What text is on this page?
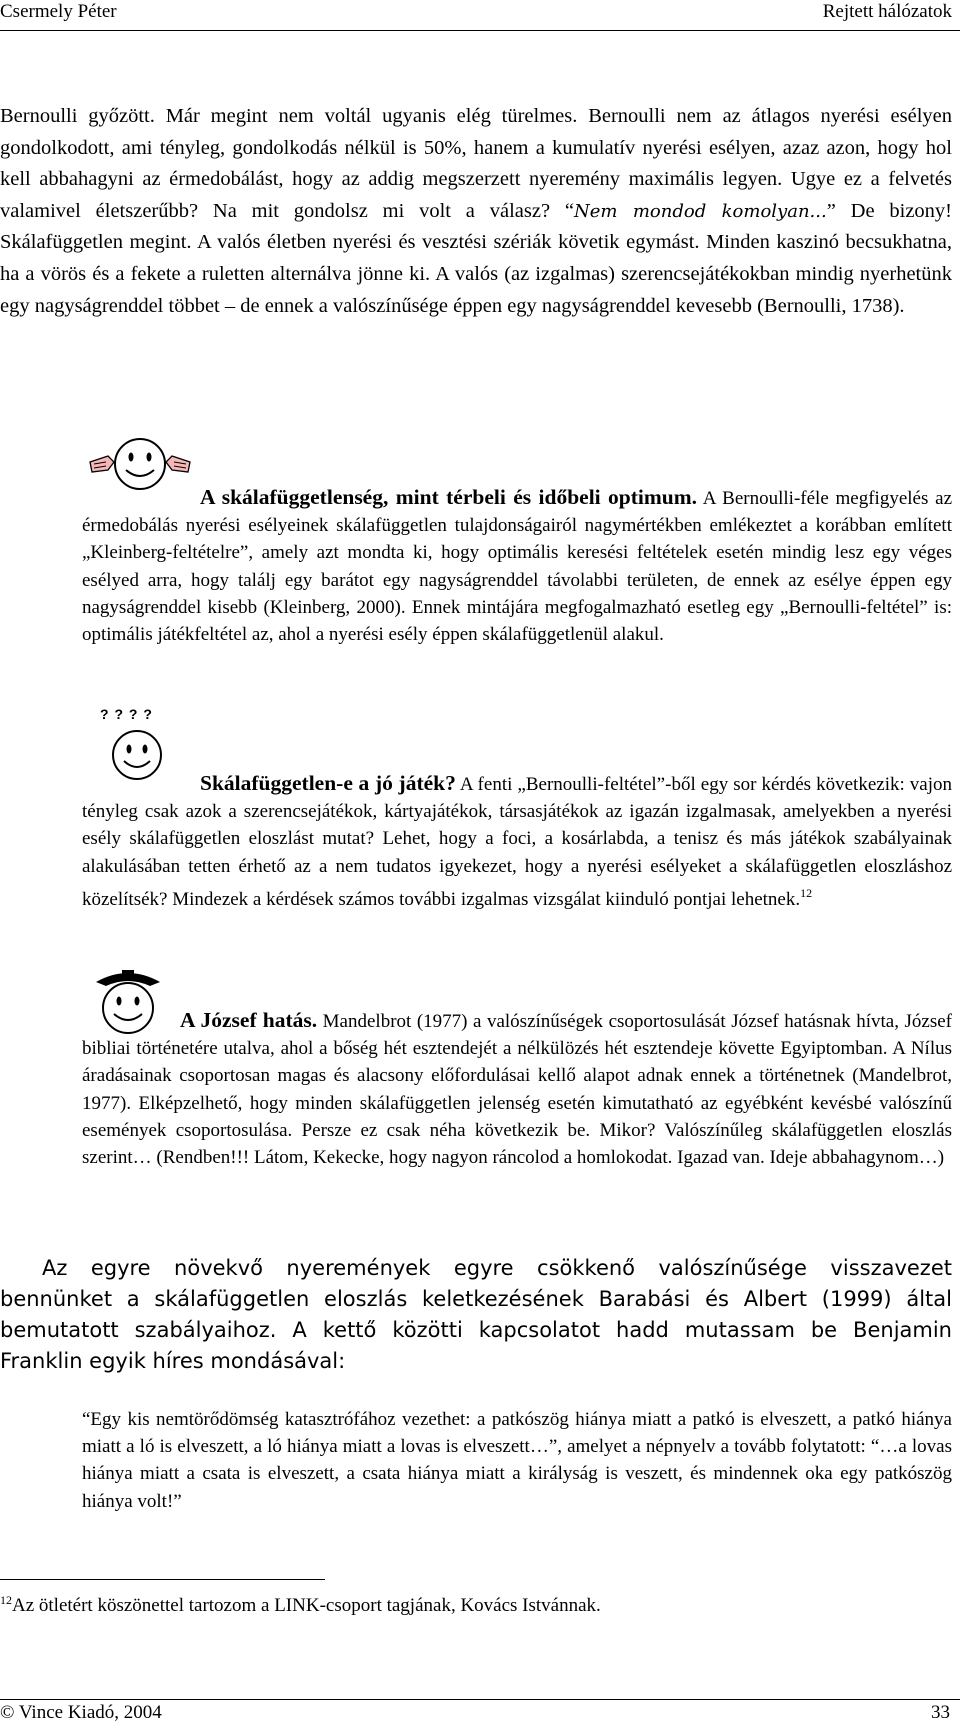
Csermely Péter	Rejtett hálózatok
Bernoulli győzött. Már megint nem voltál ugyanis elég türelmes. Bernoulli nem az átlagos nyerési esélyen gondolkodott, ami tényleg, gondolkodás nélkül is 50%, hanem a kumulatív nyerési esélyen, azaz azon, hogy hol kell abbahagyni az érmedobálást, hogy az addig megszerzett nyeremény maximális legyen. Ugye ez a felvetés valamivel életszerűbb? Na mit gondolsz mi volt a válasz? “Nem mondod komolyan...” De bizony! Skálafüggetlen megint. A valós életben nyerési és vesztési szériák követik egymást. Minden kaszinó becsukhatna, ha a vörös és a fekete a ruletten alternálva jönne ki. A valós (az izgalmas) szerencsejátékokban mindig nyerhetünk egy nagyságrenddel többet – de ennek a valószínűsége éppen egy nagyságrenddel kevesebb (Bernoulli, 1738).
A skálafüggetlenség, mint térbeli és időbeli optimum. A Bernoulli-féle megfigyelés az érmedobálás nyerési esélyeinek skálafüggetlen tulajdonságairól nagymértékben emlékeztet a korábban említett „Kleinberg-feltételre”, amely azt mondta ki, hogy optimális keresési feltételek esetén mindig lesz egy véges esélyed arra, hogy találj egy barátot egy nagyságrenddel távolabbi területen, de ennek az esélye éppen egy nagyságrenddel kisebb (Kleinberg, 2000). Ennek mintájára megfogalmazható esetleg egy „Bernoulli-feltétel” is: optimális játékfeltétel az, ahol a nyerési esély éppen skálafüggetlenül alakul.
? ? ? ?
Skálafüggetlen-e a jó játék? A fenti „Bernoulli-feltétel”-ből egy sor kérdés következik: vajon tényleg csak azok a szerencsejátékok, kártyajátékok, társasjátékok az igazán izgalmasak, amelyekben a nyerési esély skálafüggetlen eloszlást mutat? Lehet, hogy a foci, a kosárlabda, a tenisz és más játékok szabályainak alakulásában tetten érhető az a nem tudatos igyekezet, hogy a nyerési esélyeket a skálafüggetlen eloszláshoz közelítsék? Mindezek a kérdések számos további izgalmas vizsgálat kiinduló pontjai lehetnek.$^{12}$
A József hatás. Mandelbrot (1977) a valószínűségek csoportosulását József hatásnak hívta, József bibliai történetére utalva, ahol a bőség hét esztendejét a nélkülözés hét esztendeje követte Egyiptomban. A Nílus áradásainak csoportosan magas és alacsony előfordulásai kellő alapot adnak ennek a történetnek (Mandelbrot, 1977). Elképzelhető, hogy minden skálafüggetlen jelenség esetén kimutatható az egyébként kevésbé valószínű események csoportosulása. Persze ez csak néha következik be. Mikor? Valószínűleg skálafüggetlen eloszlás szerint… (Rendben!!! Látom, Kekecke, hogy nagyon ráncolod a homlokodat. Igazad van. Ideje abbahagynom…)
Az egyre növekvő nyeremények egyre csökkenő valószínűsége visszavezet bennünket a skálafüggetlen eloszlás keletkezésének Barabási és Albert (1999) által bemutatott szabályaihoz. A kettő közötti kapcsolatot hadd mutassam be Benjamin Franklin egyik híres mondásával:
“Egy kis nemtörődömség katasztrófához vezethet: a patkószög hiánya miatt a patkó is elveszett, a patkó hiánya miatt a ló is elveszett, a ló hiánya miatt a lovas is elveszett…”, amelyet a népnyelv a tovább folytatott: “…a lovas hiánya miatt a csata is elveszett, a csata hiánya miatt a királyság is veszett, és mindennek oka egy patkószög hiánya volt!”
$^{12}$Az ötletért köszönettel tartozom a LINK-csoport tagjának, Kovács Istvánnak.
© Vince Kiadó, 2004	33
